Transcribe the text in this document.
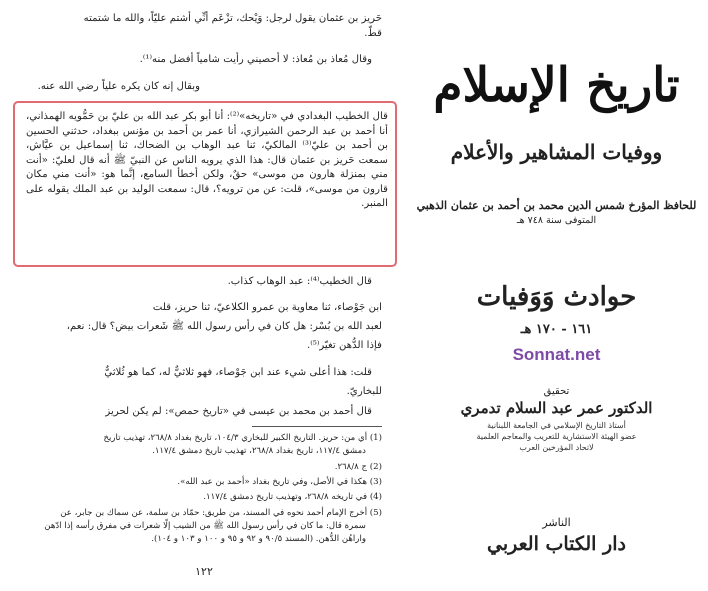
حَريز بن عثمان يقول لرجل: وَيْحك، تزْعَم أنِّي أشتم عليّاً، والله ما شتمته
قطّ.
وقال مُعاذ بن مُعاذ: لا أحصيني رأيت شامياً أفضل منه⁽¹⁾.
وبقال إنه كان يكره علياً رضي الله عنه.
قال الخطيب البغدادي في «تاريخه»⁽²⁾: أنا أبو بكر عبد الله بن عليّ بن حَمُّويه الهمذاني، أنا أحمد بن عبد الرحمن الشيرازي، أنا عمر بن أحمد بن مؤنس ببغداد، حدثني الحسين بن أحمد بن عليّ⁽³⁾ المالكيّ، ثنا عبد الوهاب بن الضحاك، ثنا إسماعيل بن عيَّاش، سمعت حَريز بن عثمان قال: هذا الذي يرويه الناس عن النبيّ ﷺ أنه قال لعليّ: «أنت مني بمنزلة هارون من موسى» حقٌ، ولكن أخطأ السامع، إنَّما هو: «أنت مني مكان قارون من موسى»، قلت: عن من ترويه؟، قال: سمعت الوليد بن عبد الملك يقوله على المنبر.
قال الخطيب⁽⁴⁾: عبد الوهاب كذاب.
ابن جَوْصاء، ثنا معاوية بن عمرو الكلاعيّ، ثنا حريز، قلت
لعبد الله بن بُسْر: هل كان في رأس رسول الله ﷺ شَعرات بيض؟ قال: نعم،
فإذا الدُّهن تغيّر⁽⁵⁾.
قلت: هذا أعلى شيء عند ابن جَوْصاء، فهو ثلاثيٌّ له، كما هو ثُلاثيٌّ
للبخاريّ.
قال أحمد بن محمد بن عيسى في «تاريخ حمص»: لم يكن لحريز
(1) أي من: حريز. التاريخ الكبير للبخاري ١٠٤/٣، تاريخ بغداد ٢٦٨/٨، تهذيب تاريخ
دمشق ١١٧/٤، تاريخ بغداد ٢٦٨/٨، تهذيب تاريخ دمشق ١١٧/٤.
(2) ج ٢٦٨/٨.
(3) هكذا في الأصل، وفي تاريخ بغداد «أحمد بن عبد الله».
(4) في تاريخه ٢٦٨/٨، وتهذيب تاريخ دمشق ١١٧/٤.
(5) أخرج الإمام أحمد نحوه في المسند، من طريق: حمّاد بن سلمة، عن سماك بن جابر، عن
سمرة قال: ما كان في رأس رسول الله ﷺ من الشيب إلّا شعرات في مفرق رأسه إذا ادّهن
واراهُن الدُّهن. (المسند ٩٠/٥ و ٩٢ و ٩٥ و ١٠٠ و ١٠٣ و ١٠٤).
١٢٢
تاريخ الإسلام
ووفيات المشاهير والأعلام
للحافظ المؤرخ شمس الدين محمد بن أحمد بن عثمان الذهبي
المتوفى سنة ٧٤٨ هـ
حوادث وَوَفيات
١٦١ - ١٧٠ هـ
Sonnat.net
تحقيق
الدكتور عمر عبد السلام تدمري
أستاذ التاريخ الإسلامي في الجامعة اللبنانية
عضو الهيئة الاستشارية للتعريب والمعاجم العلمية
لاتحاد المؤرخين العرب
الناشر
دار الكتاب العربي
